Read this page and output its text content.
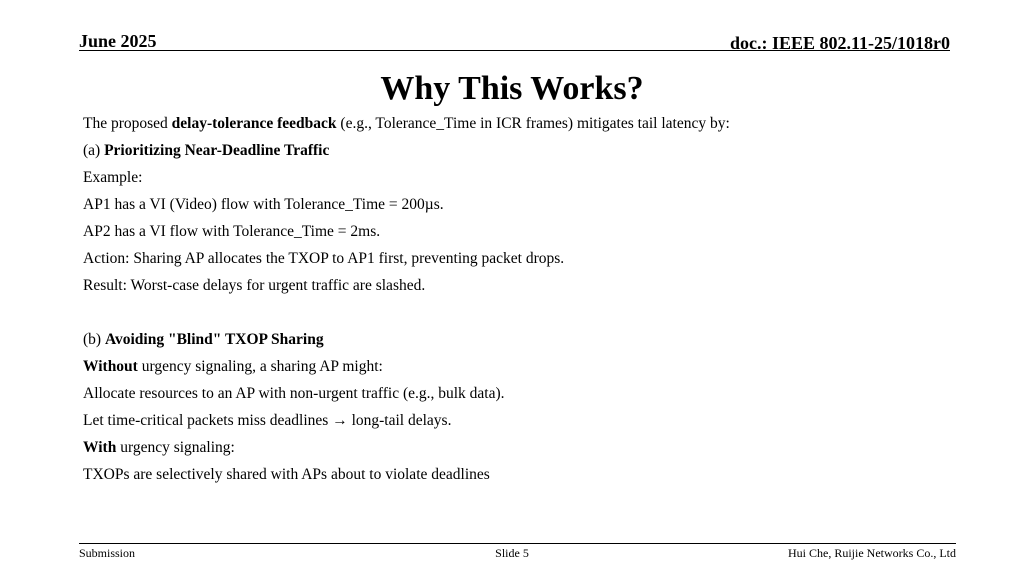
June 2025	doc.: IEEE 802.11-25/1018r0
Why This Works?
The proposed delay-tolerance feedback (e.g., Tolerance_Time in ICR frames) mitigates tail latency by:
(a) Prioritizing Near-Deadline Traffic
Example:
AP1 has a VI (Video) flow with Tolerance_Time = 200µs.
AP2 has a VI flow with Tolerance_Time = 2ms.
Action: Sharing AP allocates the TXOP to AP1 first, preventing packet drops.
Result: Worst-case delays for urgent traffic are slashed.
(b) Avoiding "Blind" TXOP Sharing
Without urgency signaling, a sharing AP might:
Allocate resources to an AP with non-urgent traffic (e.g., bulk data).
Let time-critical packets miss deadlines → long-tail delays.
With urgency signaling:
TXOPs are selectively shared with APs about to violate deadlines
Submission	Slide 5	Hui Che, Ruijie Networks Co., Ltd
